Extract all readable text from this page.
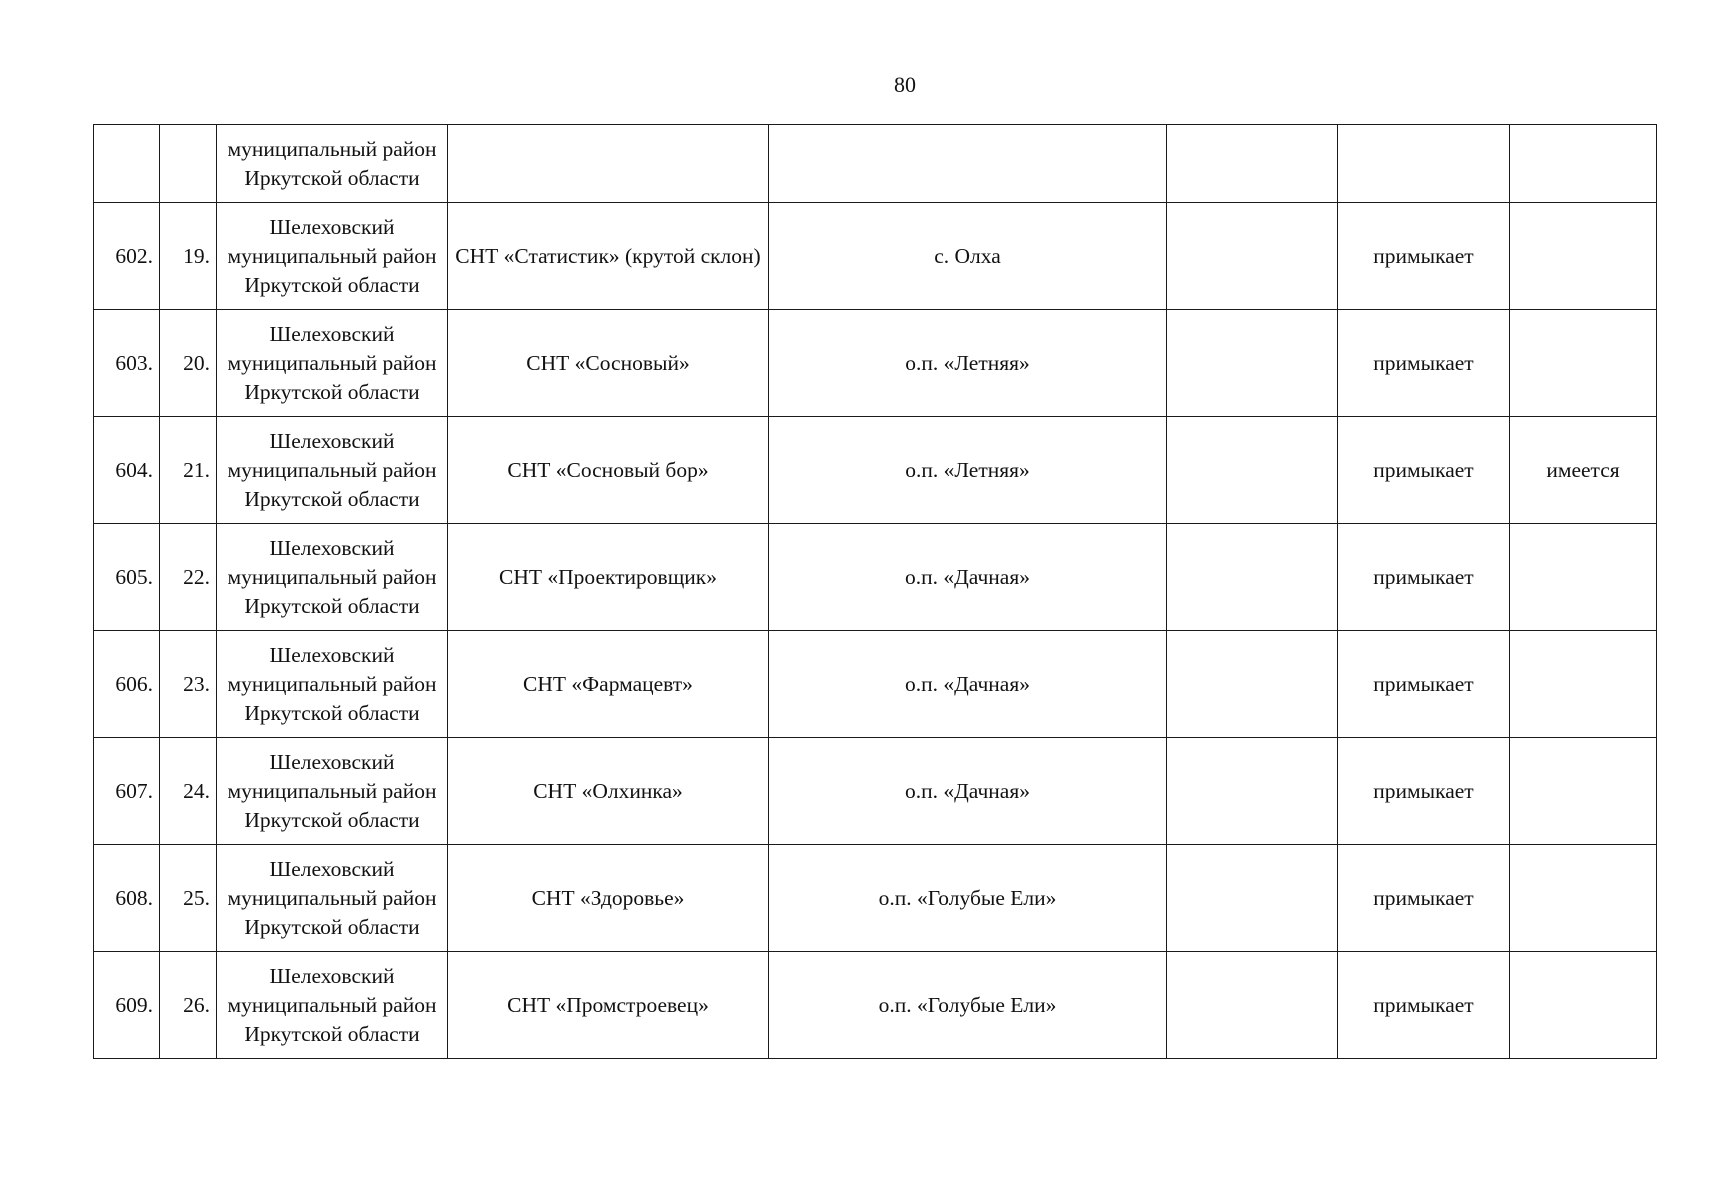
80
		муниципальный район Иркутской области					
602.	19.	Шелеховский муниципальный район Иркутской области	СНТ «Статистик» (крутой склон)	с. Олха		примыкает	
603.	20.	Шелеховский муниципальный район Иркутской области	СНТ «Сосновый»	о.п. «Летняя»		примыкает	
604.	21.	Шелеховский муниципальный район Иркутской области	СНТ «Сосновый бор»	о.п. «Летняя»		примыкает	имеется
605.	22.	Шелеховский муниципальный район Иркутской области	СНТ «Проектировщик»	о.п. «Дачная»		примыкает	
606.	23.	Шелеховский муниципальный район Иркутской области	СНТ «Фармацевт»	о.п. «Дачная»		примыкает	
607.	24.	Шелеховский муниципальный район Иркутской области	СНТ «Олхинка»	о.п. «Дачная»		примыкает	
608.	25.	Шелеховский муниципальный район Иркутской области	СНТ «Здоровье»	о.п. «Голубые Ели»		примыкает	
609.	26.	Шелеховский муниципальный район Иркутской области	СНТ «Промстроевец»	о.п. «Голубые Ели»		примыкает	
